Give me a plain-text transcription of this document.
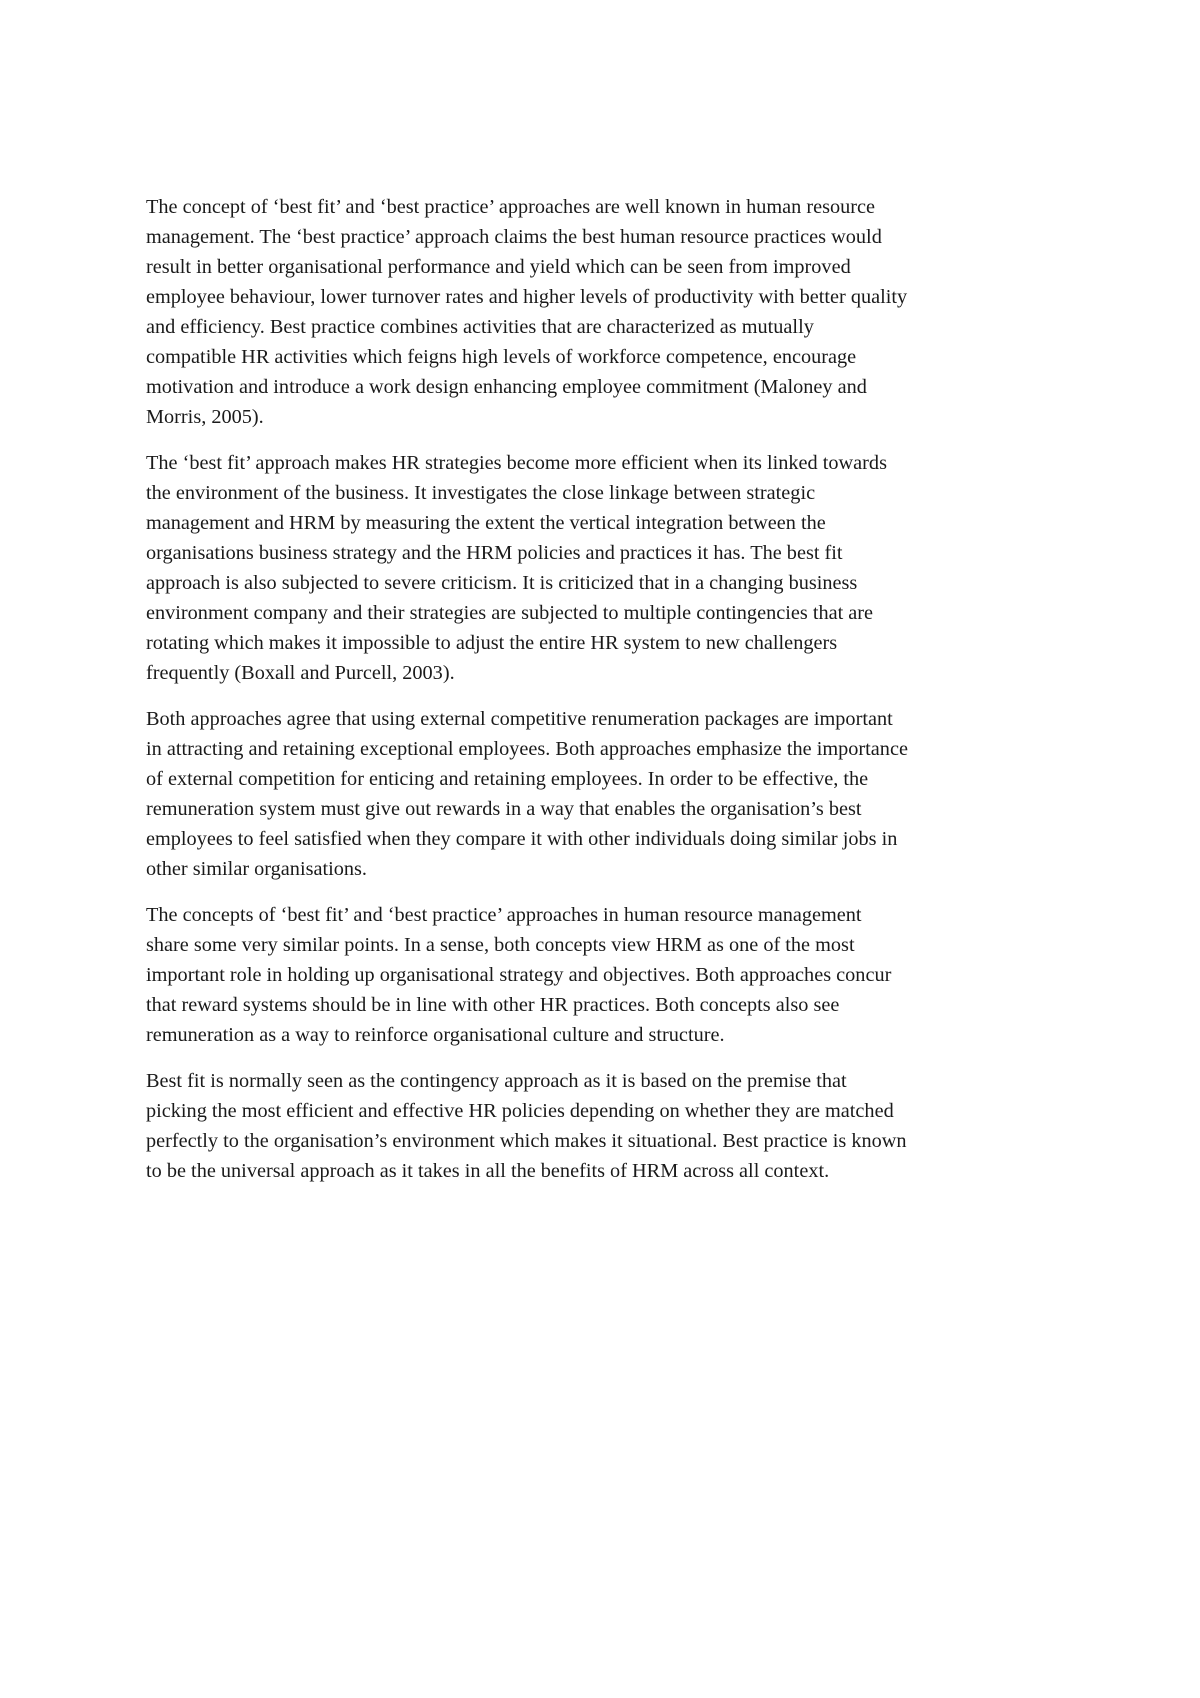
The concept of ‘best fit’ and ‘best practice’ approaches are well known in human resource
management. The ‘best practice’ approach claims the best human resource practices would
result in better organisational performance and yield which can be seen from improved
employee behaviour, lower turnover rates and higher levels of productivity with better quality
and efficiency. Best practice combines activities that are characterized as mutually
compatible HR activities which feigns high levels of workforce competence, encourage
motivation and introduce a work design enhancing employee commitment (Maloney and
Morris, 2005).

The ‘best fit’ approach makes HR strategies become more efficient when its linked towards
the environment of the business. It investigates the close linkage between strategic
management and HRM by measuring the extent the vertical integration between the
organisations business strategy and the HRM policies and practices it has. The best fit
approach is also subjected to severe criticism. It is criticized that in a changing business
environment company and their strategies are subjected to multiple contingencies that are
rotating which makes it impossible to adjust the entire HR system to new challengers
frequently (Boxall and Purcell, 2003).

Both approaches agree that using external competitive renumeration packages are important
in attracting and retaining exceptional employees. Both approaches emphasize the importance
of external competition for enticing and retaining employees. In order to be effective, the
remuneration system must give out rewards in a way that enables the organisation’s best
employees to feel satisfied when they compare it with other individuals doing similar jobs in
other similar organisations.

The concepts of ‘best fit’ and ‘best practice’ approaches in human resource management
share some very similar points. In a sense, both concepts view HRM as one of the most
important role in holding up organisational strategy and objectives. Both approaches concur
that reward systems should be in line with other HR practices. Both concepts also see
remuneration as a way to reinforce organisational culture and structure.

Best fit is normally seen as the contingency approach as it is based on the premise that
picking the most efficient and effective HR policies depending on whether they are matched
perfectly to the organisation’s environment which makes it situational. Best practice is known
to be the universal approach as it takes in all the benefits of HRM across all context.
